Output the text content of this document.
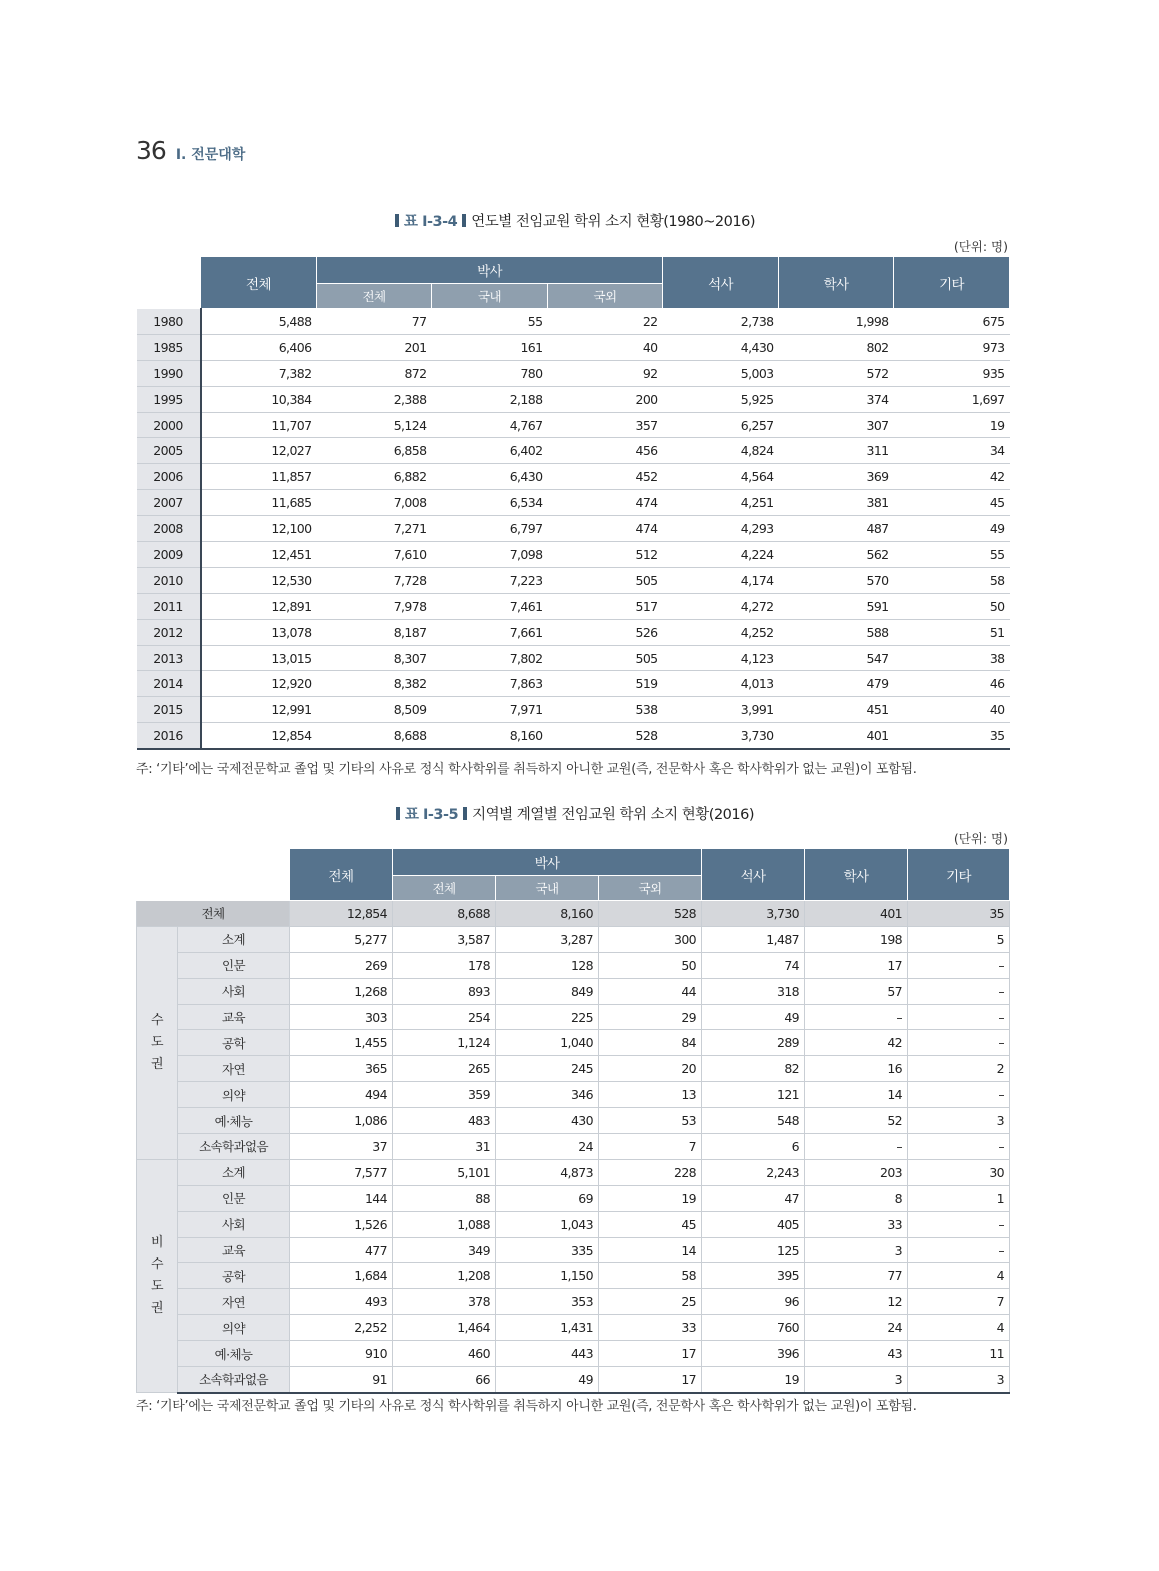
36 Ⅰ. 전문대학
표 Ⅰ-3-4 연도별 전임교원 학위 소지 현황(1980~2016)
(단위: 명)
	전체	박사			석사	학사	기타
		전체	국내	국외			
1980	5,488	77	55	22	2,738	1,998	675
1985	6,406	201	161	40	4,430	802	973
1990	7,382	872	780	92	5,003	572	935
1995	10,384	2,388	2,188	200	5,925	374	1,697
2000	11,707	5,124	4,767	357	6,257	307	19
2005	12,027	6,858	6,402	456	4,824	311	34
2006	11,857	6,882	6,430	452	4,564	369	42
2007	11,685	7,008	6,534	474	4,251	381	45
2008	12,100	7,271	6,797	474	4,293	487	49
2009	12,451	7,610	7,098	512	4,224	562	55
2010	12,530	7,728	7,223	505	4,174	570	58
2011	12,891	7,978	7,461	517	4,272	591	50
2012	13,078	8,187	7,661	526	4,252	588	51
2013	13,015	8,307	7,802	505	4,123	547	38
2014	12,920	8,382	7,863	519	4,013	479	46
2015	12,991	8,509	7,971	538	3,991	451	40
2016	12,854	8,688	8,160	528	3,730	401	35
주: ‘기타’에는 국제전문학교 졸업 및 기타의 사유로 정식 학사학위를 취득하지 아니한 교원(즉, 전문학사 혹은 학사학위가 없는 교원)이 포함됨.
표 Ⅰ-3-5 지역별 계열별 전임교원 학위 소지 현황(2016)
(단위: 명)
		전체	박사			석사	학사	기타
			전체	국내	국외			
전체		12,854	8,688	8,160	528	3,730	401	35

수
도
권	소계	5,277	3,587	3,287	300	1,487	198	5
	인문	269	178	128	50	74	17	–
	사회	1,268	893	849	44	318	57	–
	교육	303	254	225	29	49	–	–
	공학	1,455	1,124	1,040	84	289	42	–
	자연	365	265	245	20	82	16	2
	의약	494	359	346	13	121	14	–
	예·체능	1,086	483	430	53	548	52	3
	소속학과없음	37	31	24	7	6	–	–

비
수
도
권	소계	7,577	5,101	4,873	228	2,243	203	30
	인문	144	88	69	19	47	8	1
	사회	1,526	1,088	1,043	45	405	33	–
	교육	477	349	335	14	125	3	–
	공학	1,684	1,208	1,150	58	395	77	4
	자연	493	378	353	25	96	12	7
	의약	2,252	1,464	1,431	33	760	24	4
	예·체능	910	460	443	17	396	43	11
	소속학과없음	91	66	49	17	19	3	3
주: ‘기타’에는 국제전문학교 졸업 및 기타의 사유로 정식 학사학위를 취득하지 아니한 교원(즉, 전문학사 혹은 학사학위가 없는 교원)이 포함됨.
